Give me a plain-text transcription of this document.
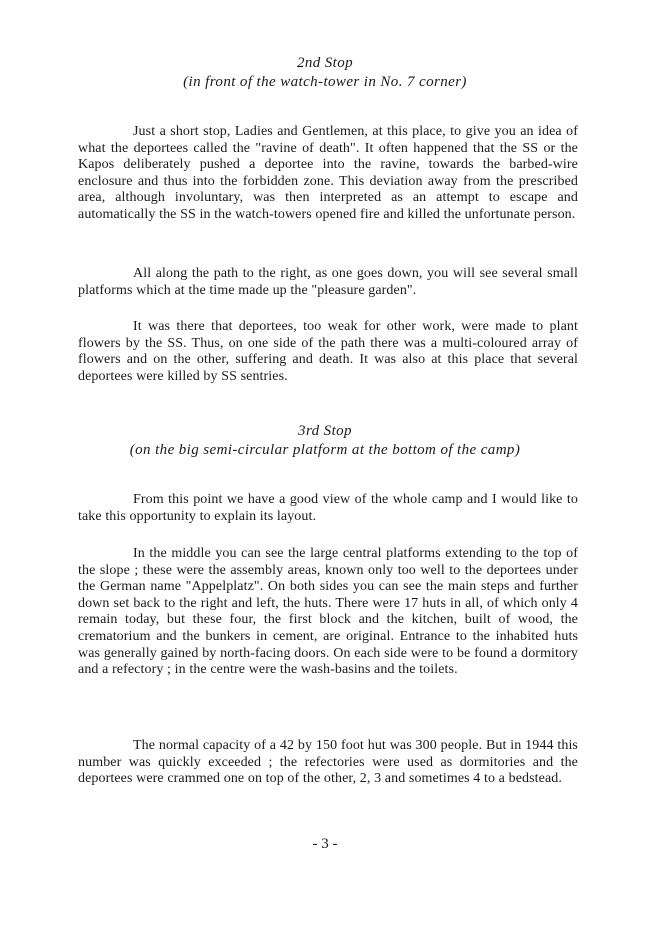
2nd Stop
(in front of the watch-tower in No. 7 corner)

Just a short stop, Ladies and Gentlemen, at this place, to give you an idea of what the deportees called the "ravine of death". It often happened that the SS or the Kapos deliberately pushed a deportee into the ravine, towards the barbed-wire enclosure and thus into the forbidden zone. This deviation away from the prescribed area, although involuntary, was then interpreted as an attempt to escape and automatically the SS in the watch-towers opened fire and killed the unfortunate person.

All along the path to the right, as one goes down, you will see several small platforms which at the time made up the "pleasure garden".

It was there that deportees, too weak for other work, were made to plant flowers by the SS. Thus, on one side of the path there was a multi-coloured array of flowers and on the other, suffering and death. It was also at this place that several deportees were killed by SS sentries.

3rd Stop
(on the big semi-circular platform at the bottom of the camp)

From this point we have a good view of the whole camp and I would like to take this opportunity to explain its layout.

In the middle you can see the large central platforms extending to the top of the slope ; these were the assembly areas, known only too well to the deportees under the German name "Appelplatz". On both sides you can see the main steps and further down set back to the right and left, the huts. There were 17 huts in all, of which only 4 remain today, but these four, the first block and the kitchen, built of wood, the crematorium and the bunkers in cement, are original. Entrance to the inhabited huts was generally gained by north-facing doors. On each side were to be found a dormitory and a refectory ; in the centre were the wash-basins and the toilets.

The normal capacity of a 42 by 150 foot hut was 300 people. But in 1944 this number was quickly exceeded ; the refectories were used as dormitories and the deportees were crammed one on top of the other, 2, 3 and sometimes 4 to a bedstead.

- 3 -
